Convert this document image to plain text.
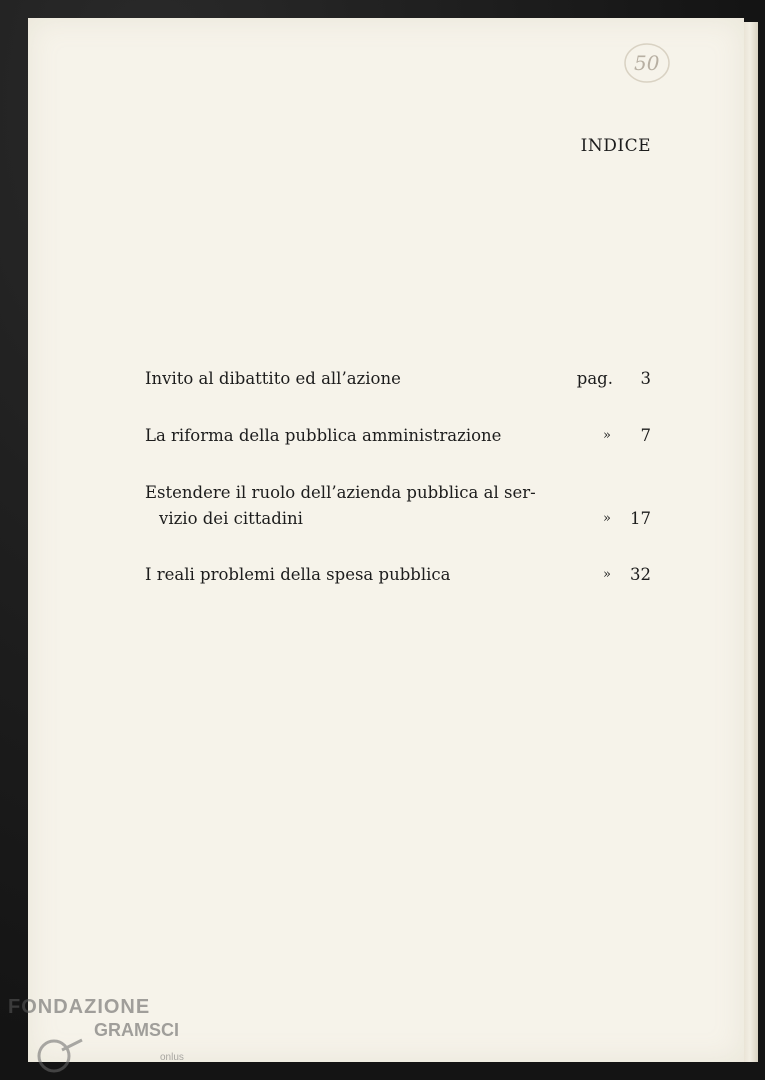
50
INDICE
Invito al dibattito ed all’azione	pag.	3
La riforma della pubblica amministrazione	»	7
Estendere il ruolo dell’azienda pubblica al ser-
vizio dei cittadini	»	17
I reali problemi della spesa pubblica	»	32
FONDAZIONE
GRAMSCI
onlus
